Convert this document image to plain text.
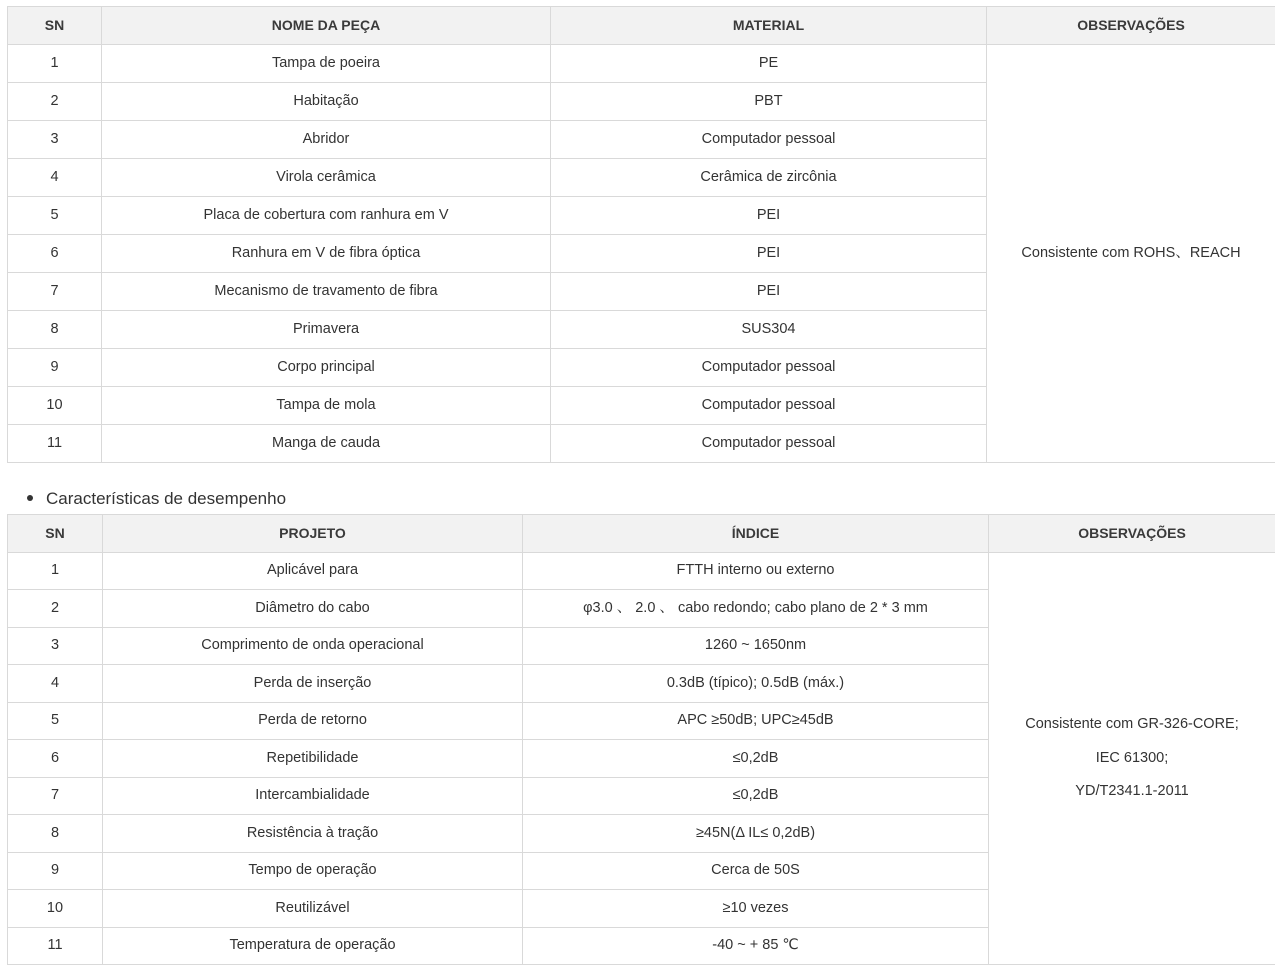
SN	NOME DA PEÇA	MATERIAL	OBSERVAÇÕES
1	Tampa de poeira	PE	Consistente com ROHS、REACH
2	Habitação	PBT	
3	Abridor	Computador pessoal	
4	Virola cerâmica	Cerâmica de zircônia	
5	Placa de cobertura com ranhura em V	PEI	
6	Ranhura em V de fibra óptica	PEI	
7	Mecanismo de travamento de fibra	PEI	
8	Primavera	SUS304	
9	Corpo principal	Computador pessoal	
10	Tampa de mola	Computador pessoal	
11	Manga de cauda	Computador pessoal	
Características de desempenho
SN	PROJETO	ÍNDICE	OBSERVAÇÕES
1	Aplicável para	FTTH interno ou externo	Consistente com GR-326-CORE;
IEC 61300;
YD/T2341.1-2011

2	Diâmetro do cabo	φ3.0 、 2.0 、 cabo redondo; cabo plano de 2 * 3 mm	
3	Comprimento de onda operacional	1260 ~ 1650nm	
4	Perda de inserção	0.3dB (típico); 0.5dB (máx.)	
5	Perda de retorno	APC ≥50dB; UPC≥45dB	
6	Repetibilidade	≤0,2dB	
7	Intercambialidade	≤0,2dB	
8	Resistência à tração	≥45N(Δ IL≤ 0,2dB)	
9	Tempo de operação	Cerca de 50S	
10	Reutilizável	≥10 vezes	
11	Temperatura de operação	-40 ~ + 85 ℃	
